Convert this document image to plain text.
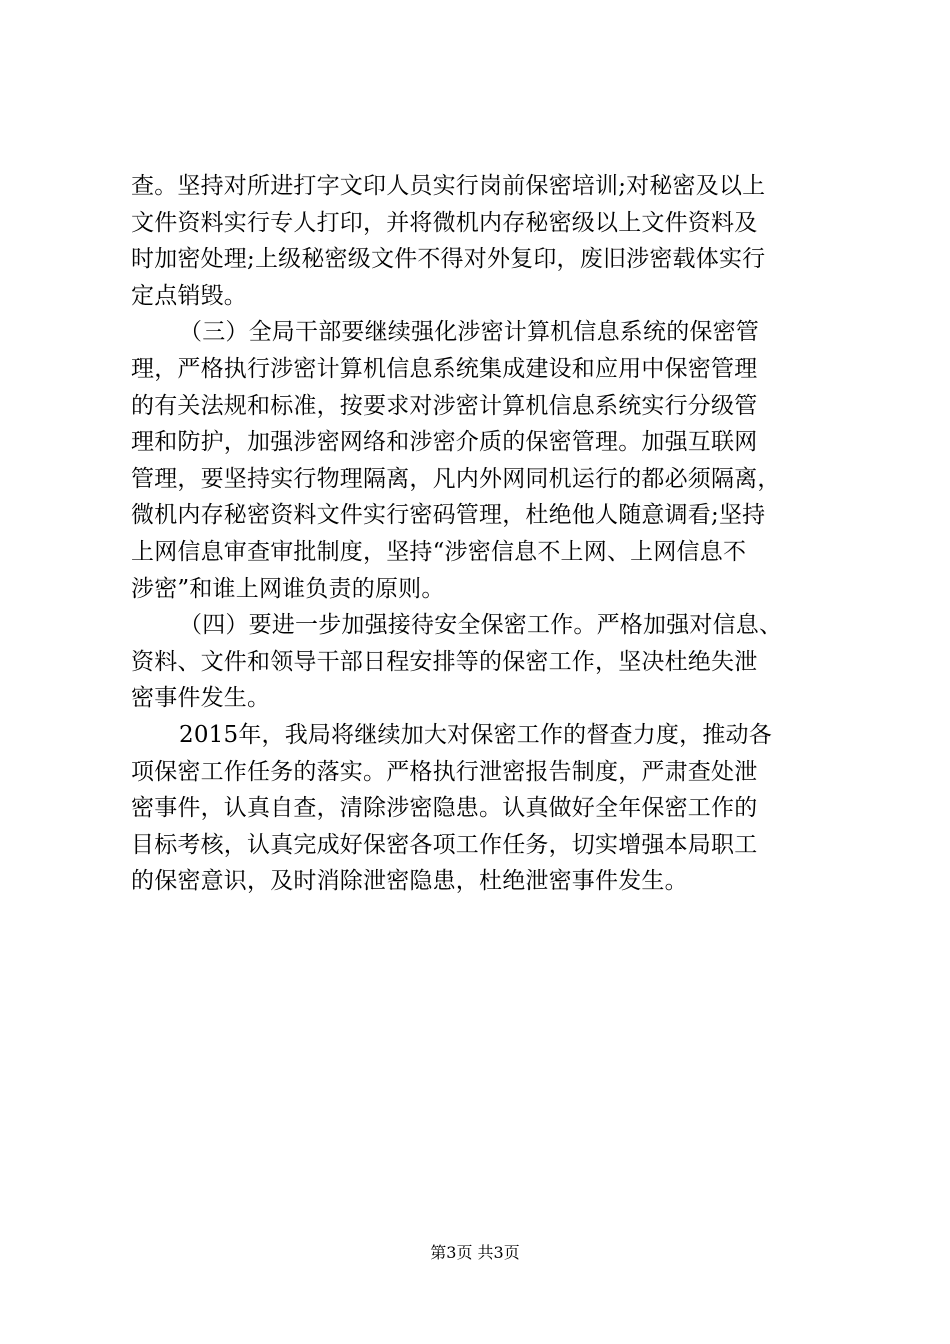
查。坚持对所进打字文印人员实行岗前保密培训;对秘密及以上
文件资料实行专人打印，并将微机内存秘密级以上文件资料及
时加密处理;上级秘密级文件不得对外复印，废旧涉密载体实行
定点销毁。
（三）全局干部要继续强化涉密计算机信息系统的保密管
理，严格执行涉密计算机信息系统集成建设和应用中保密管理
的有关法规和标准，按要求对涉密计算机信息系统实行分级管
理和防护，加强涉密网络和涉密介质的保密管理。加强互联网
管理，要坚持实行物理隔离，凡内外网同机运行的都必须隔离，
微机内存秘密资料文件实行密码管理，杜绝他人随意调看;坚持
上网信息审查审批制度，坚持“涉密信息不上网、上网信息不
涉密”和谁上网谁负责的原则。
（四）要进一步加强接待安全保密工作。严格加强对信息、
资料、文件和领导干部日程安排等的保密工作，坚决杜绝失泄
密事件发生。
2015年，我局将继续加大对保密工作的督查力度，推动各
项保密工作任务的落实。严格执行泄密报告制度，严肃查处泄
密事件，认真自查，清除涉密隐患。认真做好全年保密工作的
目标考核，认真完成好保密各项工作任务，切实增强本局职工
的保密意识，及时消除泄密隐患，杜绝泄密事件发生。
第3页 共3页
